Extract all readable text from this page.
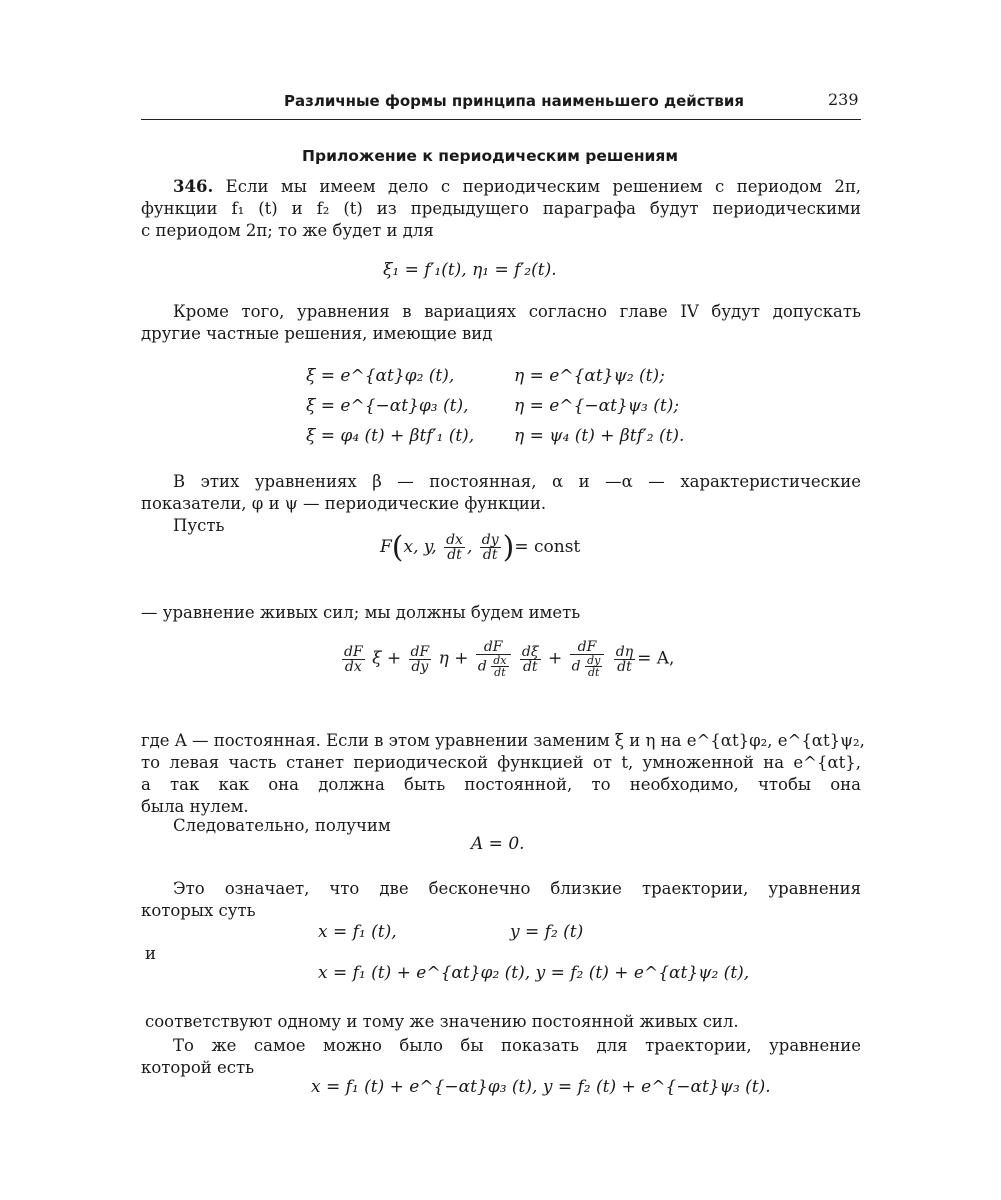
Различные формы принципа наименьшего действия	239
Приложение к периодическим решениям
346. Если мы имеем дело с периодическим решением с периодом 2π,
функции f₁ (t) и f₂ (t) из предыдущего параграфа будут периодическими
с периодом 2π; то же будет и для
ξ₁ = f′₁(t), η₁ = f′₂(t).
Кроме того, уравнения в вариациях согласно главе IV будут допускать
другие частные решения, имеющие вид
ξ = e^{αt}φ₂ (t),	η = e^{αt}ψ₂ (t);
ξ = e^{−αt}φ₃ (t),	η = e^{−αt}ψ₃ (t);
ξ = φ₄ (t) + βtf′₁ (t), η = ψ₄ (t) + βtf′₂ (t).
В этих уравнениях β — постоянная, α и —α — характеристические
показатели, φ и ψ — периодические функции.
Пусть
F(x, y, $\frac{dx}{dt}$ , $\frac{dy}{dt}$ )= const
— уравнение живых сил; мы должны будем иметь
$\frac{dF}{dx}$ $\xi + \frac{dF}{dy}$ $\eta + \frac{dF}{d \frac{dx}{dt}}$
$\frac{d\xi}{dt} + \frac{dF}{d \frac{dy}{dt}}$
$\frac{d\eta}{dt} = A$,
где A — постоянная. Если в этом уравнении заменим ξ и η на e^{αt}φ₂, e^{αt}ψ₂,
то левая часть станет периодической функцией от t, умноженной на e^{αt},
а так как она должна быть постоянной, то необходимо, чтобы она
была нулем.
Следовательно, получим
A = 0.
Это означает, что две бесконечно близкие траектории, уравнения
которых суть
x = f₁ (t),	y = f₂ (t)
и
x = f₁ (t) + e^{αt}φ₂ (t), y = f₂ (t) + e^{αt}ψ₂ (t),
соответствуют одному и тому же значению постоянной живых сил.
То же самое можно было бы показать для траектории, уравнение
которой есть
x = f₁ (t) + e^{−αt}φ₃ (t), y = f₂ (t) + e^{−αt}ψ₃ (t).
